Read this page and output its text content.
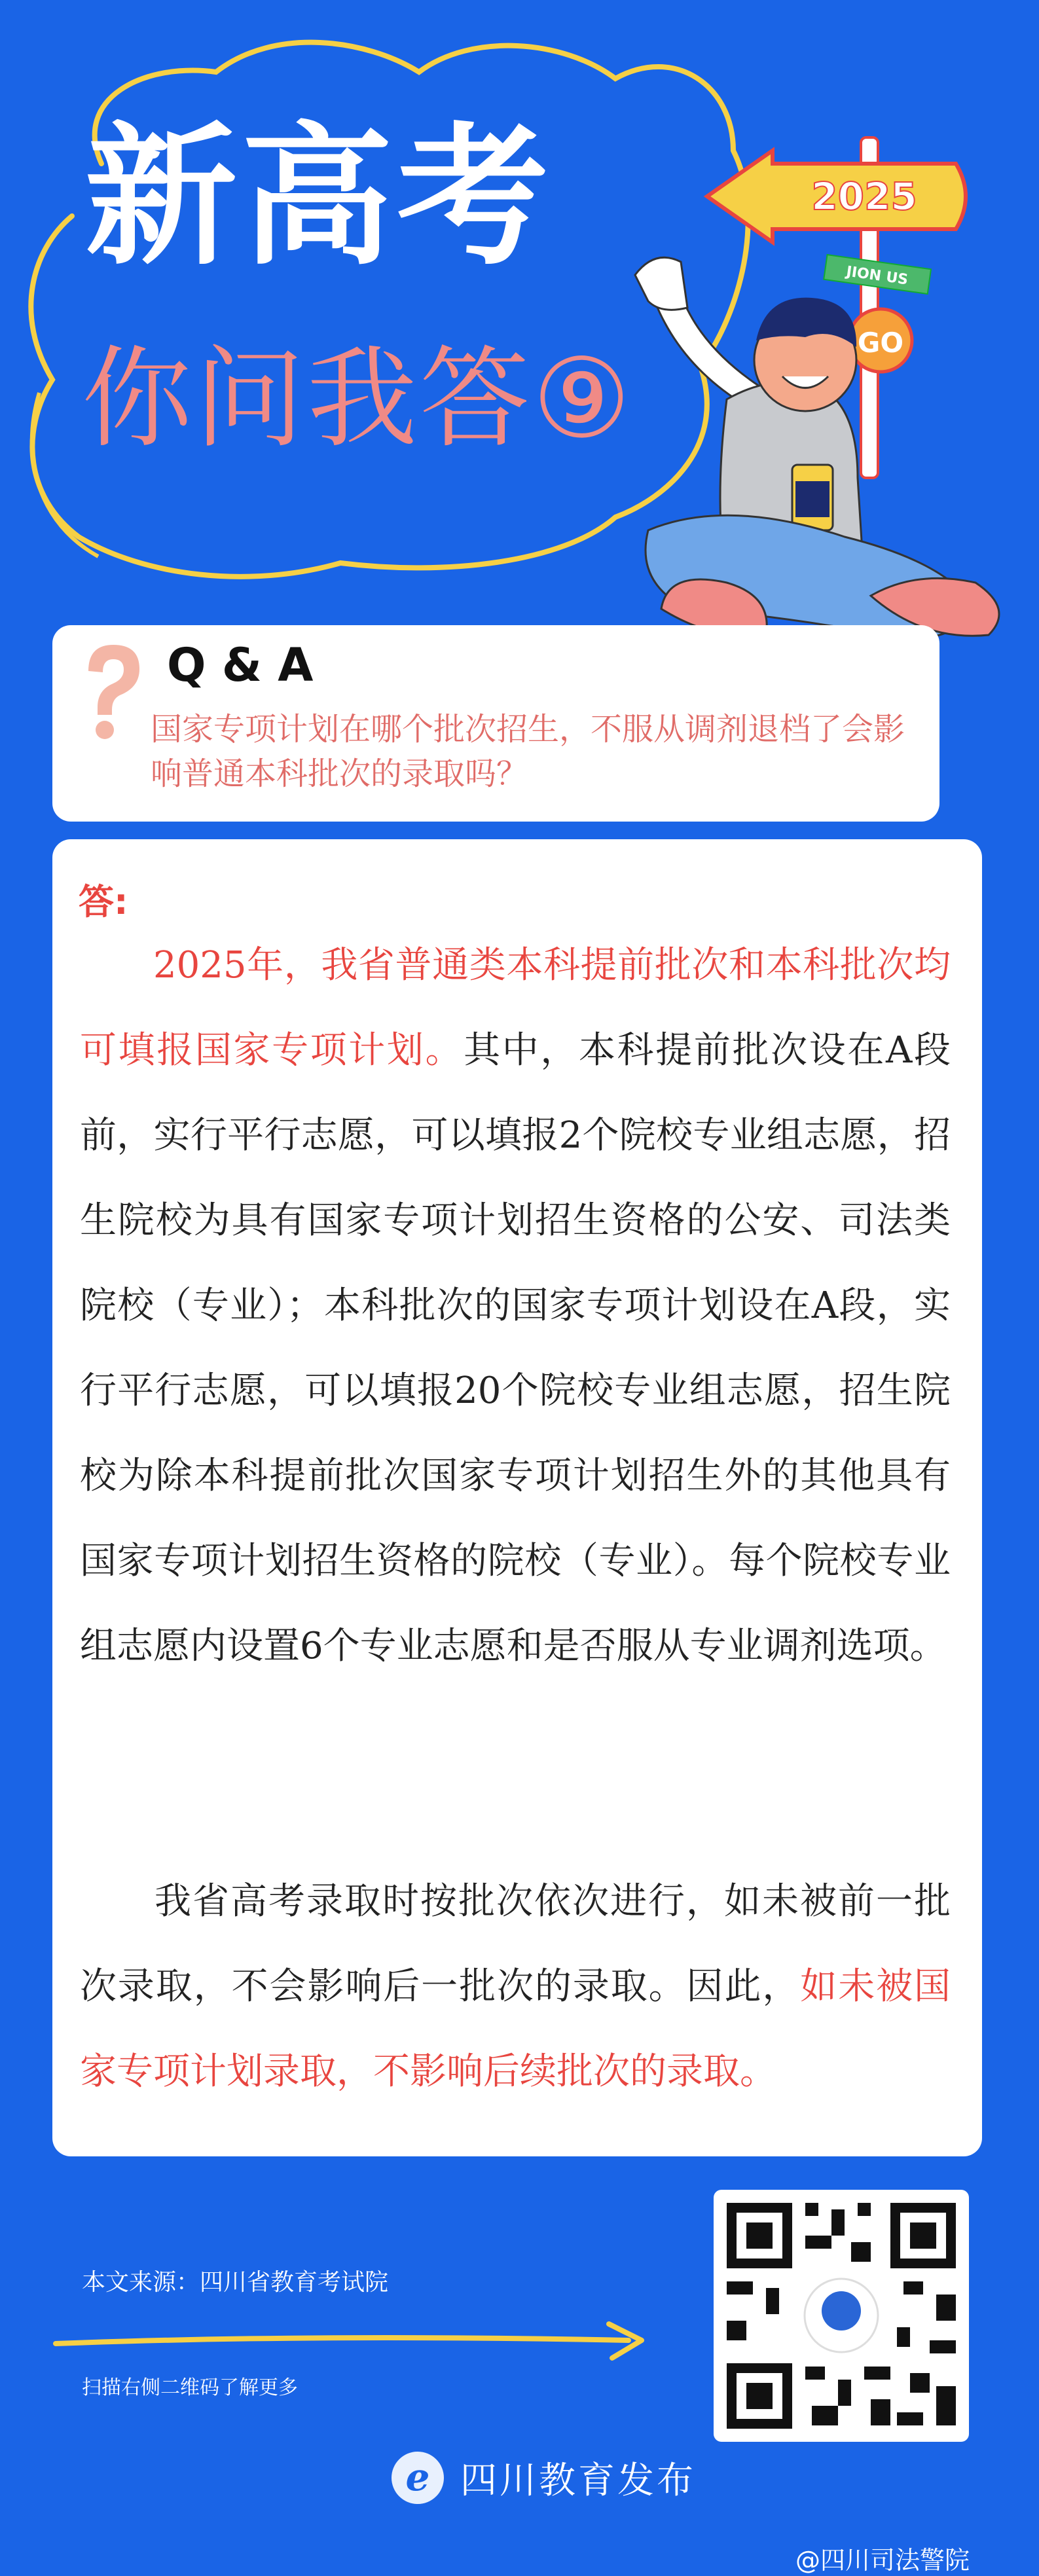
新高考
你问我答⑨
2025
JION US
GO
Q & A
国家专项计划在哪个批次招生，不服从调剂退档了会影响普通本科批次的录取吗？
答:
2025年，我省普通类本科提前批次和本科批次均可填报国家专项计划。其中，本科提前批次设在A段前，实行平行志愿，可以填报2个院校专业组志愿，招生院校为具有国家专项计划招生资格的公安、司法类院校（专业）；本科批次的国家专项计划设在A段，实行平行志愿，可以填报20个院校专业组志愿，招生院校为除本科提前批次国家专项计划招生外的其他具有国家专项计划招生资格的院校（专业）。每个院校专业组志愿内设置6个专业志愿和是否服从专业调剂选项。
我省高考录取时按批次依次进行，如未被前一批次录取，不会影响后一批次的录取。因此，如未被国家专项计划录取，不影响后续批次的录取。
本文来源：四川省教育考试院
扫描右侧二维码了解更多
e 四川教育发布
@四川司法警院
